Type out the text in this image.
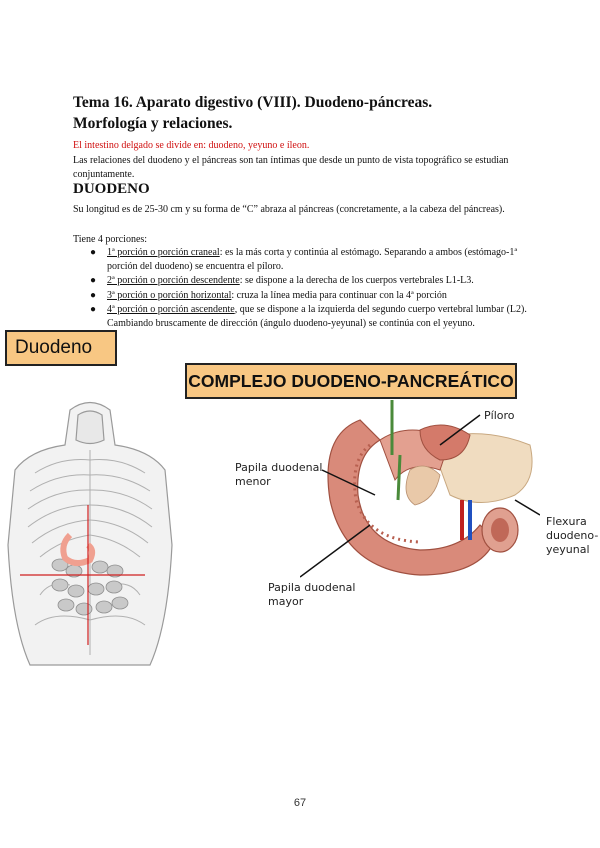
Tema 16. Aparato digestivo (VIII). Duodeno-páncreas.
Morfología y relaciones.
El intestino delgado se divide en: duodeno, yeyuno e íleon.
Las relaciones del duodeno y el páncreas son tan íntimas que desde un punto de vista topográfico se estudian conjuntamente.
DUODENO
Su longitud es de 25-30 cm y su forma de “C” abraza al páncreas (concretamente, a la cabeza del páncreas).
Tiene 4 porciones:
● 1ª porción o porción craneal: es la más corta y continúa al estómago. Separando a ambos (estómago-1ª porción del duodeno) se encuentra el píloro.
● 2ª porción o porción descendente: se dispone a la derecha de los cuerpos vertebrales L1-L3.
● 3ª porción o porción horizontal: cruza la línea media para continuar con la 4ª porción
● 4ª porción o porción ascendente, que se dispone a la izquierda del segundo cuerpo vertebral lumbar (L2). Cambiando bruscamente de dirección (ángulo duodeno-yeyunal) se continúa con el yeyuno.
Duodeno
COMPLEJO DUODENO-PANCREÁTICO
Píloro
Papila duodenal
menor
Papila duodenal
mayor
Flexura
duodeno-
yeyunal
67
